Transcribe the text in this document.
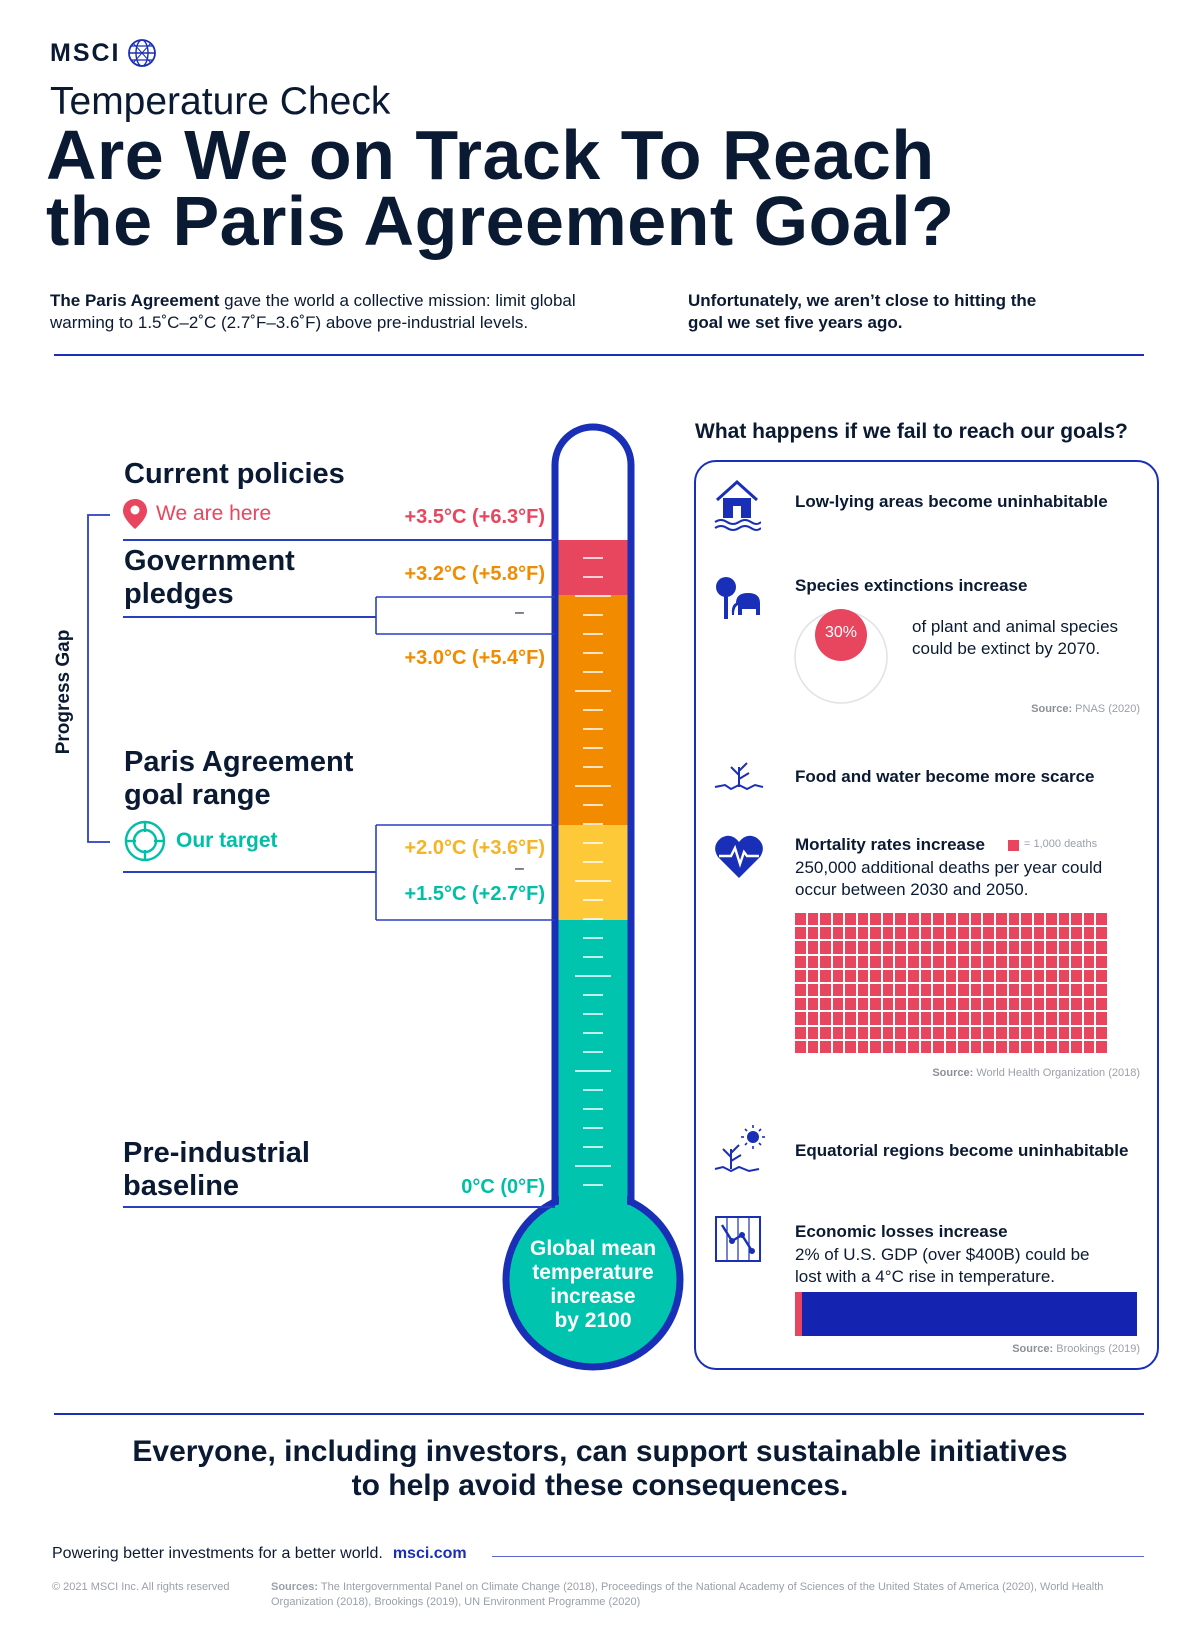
MSCI
Temperature Check
Are We on Track To Reach
the Paris Agreement Goal?
The Paris Agreement gave the world a collective mission: limit global warming to 1.5˚C–2˚C (2.7˚F–3.6˚F) above pre-industrial levels.
Unfortunately, we aren’t close to hitting the goal we set five years ago.
Current policies
We are here	+3.5°C (+6.3°F)
Government
pledges
+3.2°C (+5.8°F)
–
+3.0°C (+5.4°F)
Paris Agreement
goal range
Our target	+2.0°C (+3.6°F)
–
+1.5°C (+2.7°F)
Pre-industrial
baseline	0°C (0°F)
Progress Gap
Global mean
temperature
increase
by 2100
What happens if we fail to reach our goals?
Low-lying areas become uninhabitable
Species extinctions increase
30%	of plant and animal species could be extinct by 2070.
Source: PNAS (2020)
Food and water become more scarce
Mortality rates increase	= 1,000 deaths
250,000 additional deaths per year could occur between 2030 and 2050.
Source: World Health Organization (2018)
Equatorial regions become uninhabitable
Economic losses increase
2% of U.S. GDP (over $400B) could be lost with a 4°C rise in temperature.
Source: Brookings (2019)
Everyone, including investors, can support sustainable initiatives
to help avoid these consequences.
Powering better investments for a better world. msci.com
© 2021 MSCI Inc. All rights reserved	Sources: The Intergovernmental Panel on Climate Change (2018), Proceedings of the National Academy of Sciences of the United States of America (2020), World Health Organization (2018), Brookings (2019), UN Environment Programme (2020)
